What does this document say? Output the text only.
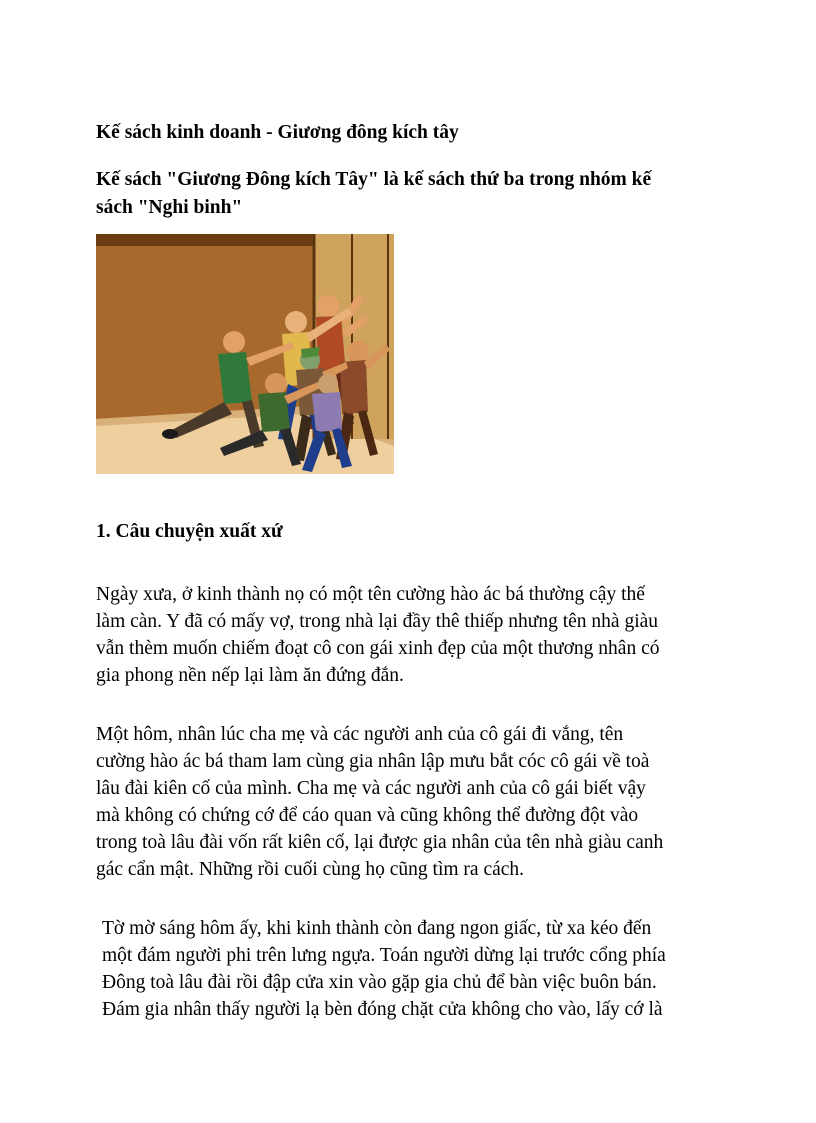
Kế sách kinh doanh - Giương đông kích tây

Kế sách "Giương Đông kích Tây" là kế sách thứ ba trong nhóm kế
sách "Nghi binh"

1. Câu chuyện xuất xứ

Ngày xưa, ở kinh thành nọ có một tên cường hào ác bá thường cậy thế
làm càn. Y đã có mấy vợ, trong nhà lại đầy thê thiếp nhưng tên nhà giàu
vẫn thèm muốn chiếm đoạt cô con gái xinh đẹp của một thương nhân có
gia phong nền nếp lại làm ăn đứng đắn.

Một hôm, nhân lúc cha mẹ và các người anh của cô gái đi vắng, tên
cường hào ác bá tham lam cùng gia nhân lập mưu bắt cóc cô gái về toà
lâu đài kiên cố của mình. Cha mẹ và các người anh của cô gái biết vậy
mà không có chứng cớ để cáo quan và cũng không thể đường đột vào
trong toà lâu đài vốn rất kiên cố, lại được gia nhân của tên nhà giàu canh
gác cẩn mật. Những rồi cuối cùng họ cũng tìm ra cách.

Tờ mờ sáng hôm ấy, khi kinh thành còn đang ngon giấc, từ xa kéo đến
một đám người phi trên lưng ngựa. Toán người dừng lại trước cổng phía
Đông toà lâu đài rồi đập cửa xin vào gặp gia chủ để bàn việc buôn bán.
Đám gia nhân thấy người lạ bèn đóng chặt cửa không cho vào, lấy cớ là
